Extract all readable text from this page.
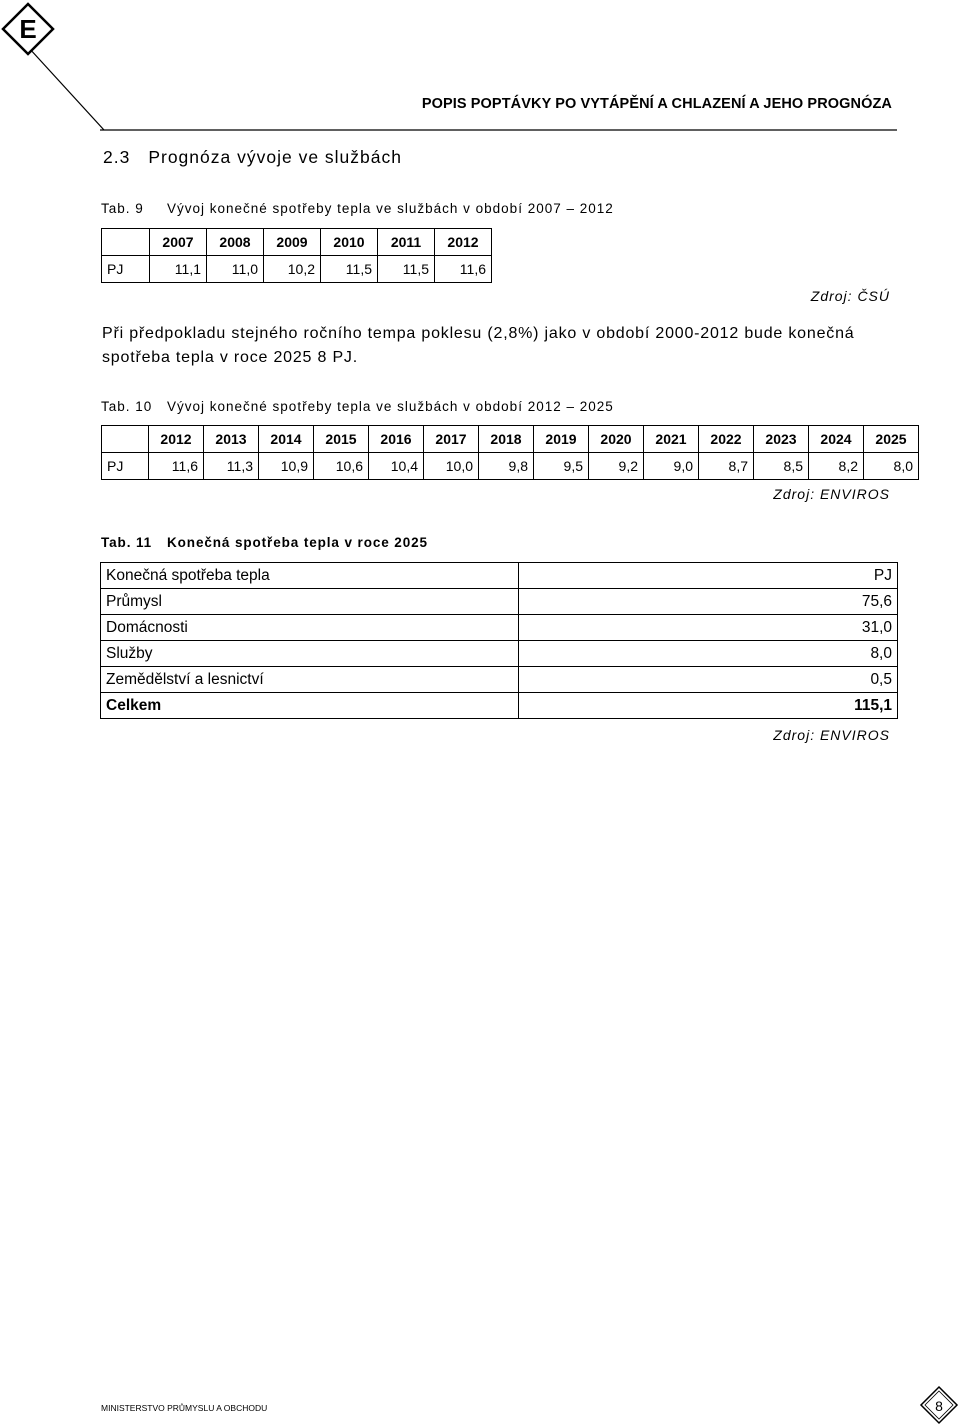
E
POPIS POPTÁVKY PO VYTÁPĚNÍ A CHLAZENÍ A JEHO PROGNÓZA
2.3 Prognóza vývoje ve službách
Tab. 9 Vývoj konečné spotřeby tepla ve službách v období 2007 – 2012
	2007	2008	2009	2010	2011	2012
PJ	11,1	11,0	10,2	11,5	11,5	11,6
Zdroj: ČSÚ
Při předpokladu stejného ročního tempa poklesu (2,8%) jako v období 2000-2012 bude konečná spotřeba tepla v roce 2025 8 PJ.
Tab. 10 Vývoj konečné spotřeby tepla ve službách v období 2012 – 2025
	2012	2013	2014	2015	2016	2017	2018	2019	2020	2021	2022	2023	2024	2025
PJ	11,6	11,3	10,9	10,6	10,4	10,0	9,8	9,5	9,2	9,0	8,7	8,5	8,2	8,0
Zdroj: ENVIROS
Tab. 11 Konečná spotřeba tepla v roce 2025
Konečná spotřeba tepla	PJ
Průmysl	75,6
Domácnosti	31,0
Služby	8,0
Zemědělství a lesnictví	0,5
Celkem	115,1
Zdroj: ENVIROS
MINISTERSTVO PRŮMYSLU A OBCHODU	8
